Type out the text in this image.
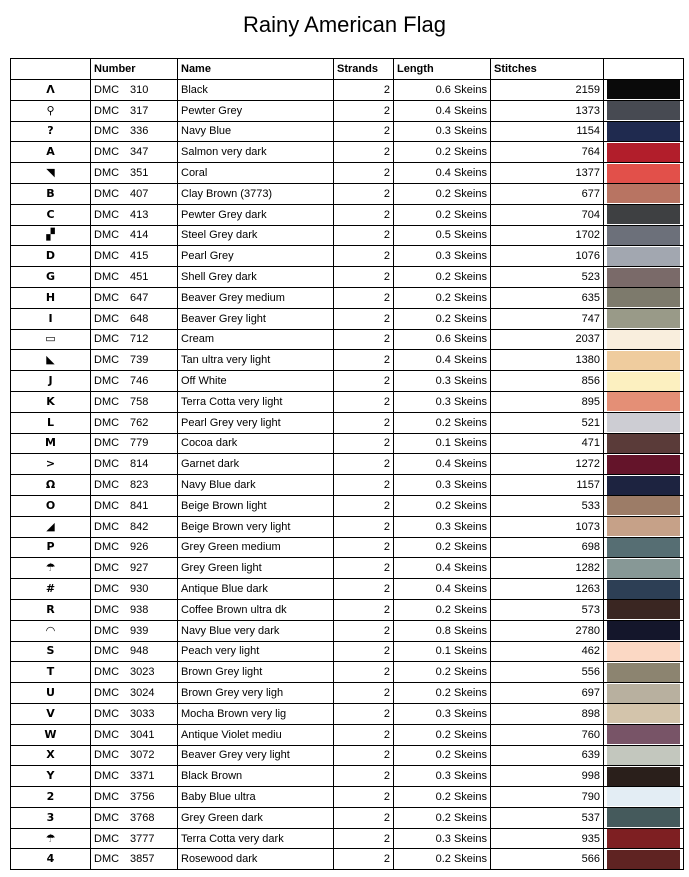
Rainy American Flag
	Number	Name	Strands	Length	Stitches	
Λ	DMC 310	Black	2	0.6 Skeins	2159	

⚲	DMC 317	Pewter Grey	2	0.4 Skeins	1373	

?	DMC 336	Navy Blue	2	0.3 Skeins	1154	

A	DMC 347	Salmon very dark	2	0.2 Skeins	764	

◥	DMC 351	Coral	2	0.4 Skeins	1377	

B	DMC 407	Clay Brown (3773)	2	0.2 Skeins	677	

C	DMC 413	Pewter Grey dark	2	0.2 Skeins	704	

▞	DMC 414	Steel Grey dark	2	0.5 Skeins	1702	

D	DMC 415	Pearl Grey	2	0.3 Skeins	1076	

G	DMC 451	Shell Grey dark	2	0.2 Skeins	523	

H	DMC 647	Beaver Grey medium	2	0.2 Skeins	635	

I	DMC 648	Beaver Grey light	2	0.2 Skeins	747	

▭	DMC 712	Cream	2	0.6 Skeins	2037	

◣	DMC 739	Tan ultra very light	2	0.4 Skeins	1380	

J	DMC 746	Off White	2	0.3 Skeins	856	

K	DMC 758	Terra Cotta very light	2	0.3 Skeins	895	

L	DMC 762	Pearl Grey very light	2	0.2 Skeins	521	

M	DMC 779	Cocoa dark	2	0.1 Skeins	471	

>	DMC 814	Garnet dark	2	0.4 Skeins	1272	

Ω	DMC 823	Navy Blue dark	2	0.3 Skeins	1157	

O	DMC 841	Beige Brown light	2	0.2 Skeins	533	

◢	DMC 842	Beige Brown very light	2	0.3 Skeins	1073	

P	DMC 926	Grey Green medium	2	0.2 Skeins	698	

☂	DMC 927	Grey Green light	2	0.4 Skeins	1282	

#	DMC 930	Antique Blue dark	2	0.4 Skeins	1263	

R	DMC 938	Coffee Brown ultra dk	2	0.2 Skeins	573	

◠	DMC 939	Navy Blue very dark	2	0.8 Skeins	2780	

S	DMC 948	Peach very light	2	0.1 Skeins	462	

T	DMC 3023	Brown Grey light	2	0.2 Skeins	556	

U	DMC 3024	Brown Grey very ligh	2	0.2 Skeins	697	

V	DMC 3033	Mocha Brown very lig	2	0.3 Skeins	898	

W	DMC 3041	Antique Violet mediu	2	0.2 Skeins	760	

X	DMC 3072	Beaver Grey very light	2	0.2 Skeins	639	

Y	DMC 3371	Black Brown	2	0.3 Skeins	998	

2	DMC 3756	Baby Blue ultra	2	0.2 Skeins	790	

3	DMC 3768	Grey Green dark	2	0.2 Skeins	537	

☂	DMC 3777	Terra Cotta very dark	2	0.3 Skeins	935	

4	DMC 3857	Rosewood dark	2	0.2 Skeins	566	
